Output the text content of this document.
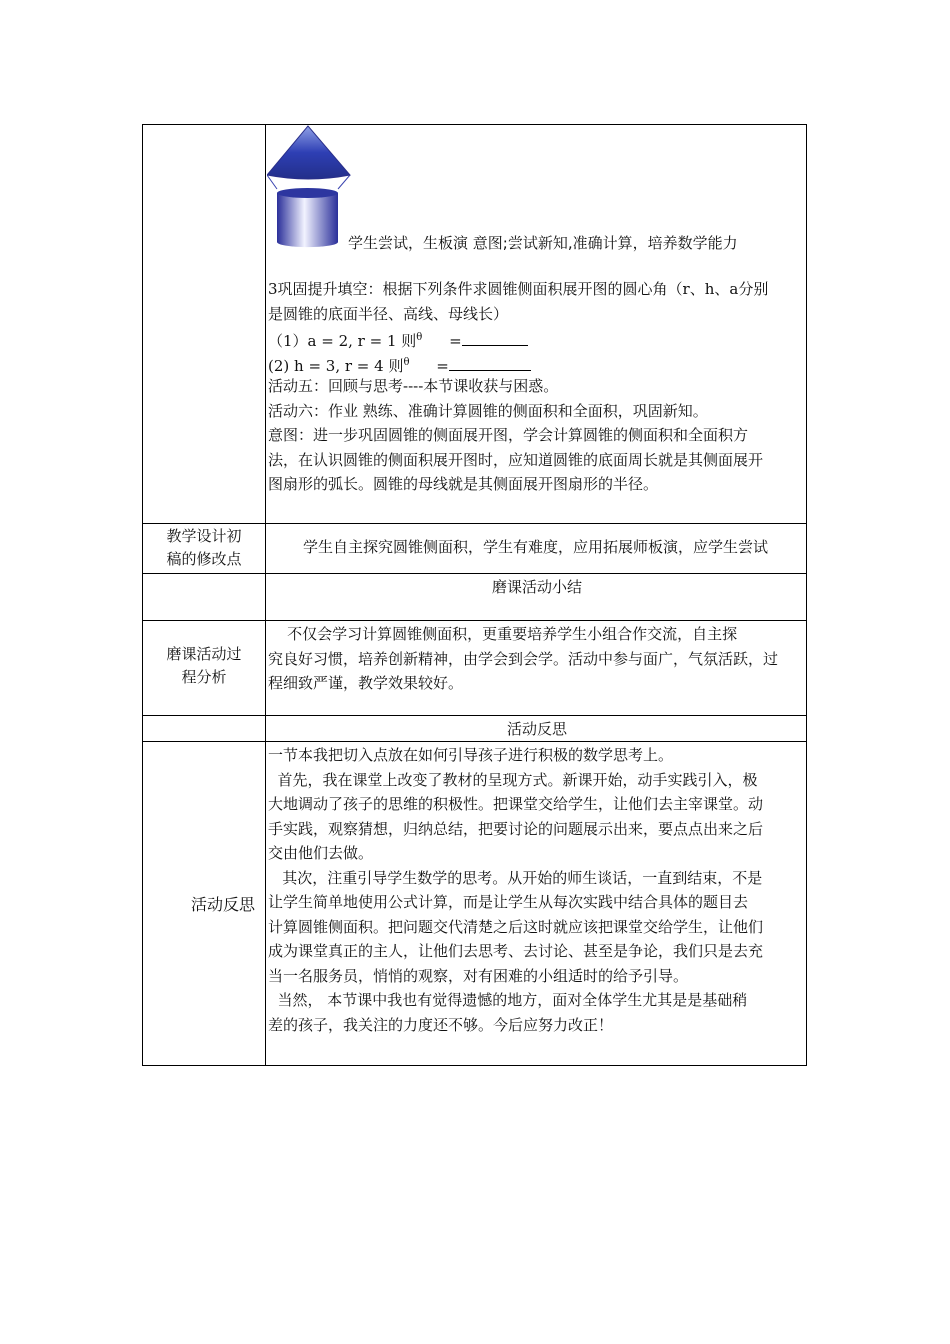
学生尝试，生板演 意图;尝试新知,准确计算，培养数学能力
3巩固提升填空：根据下列条件求圆锥侧面积展开图的圆心角（r、h、a分别
是圆锥的底面半径、高线、母线长）
（1）a = 2, r = 1 则$^\theta$ =
(2) h = 3, r = 4 则$^\theta$ =
活动五：回顾与思考----本节课收获与困惑。
活动六：作业 熟练、准确计算圆锥的侧面积和全面积，巩固新知。
意图：进一步巩固圆锥的侧面展开图，学会计算圆锥的侧面积和全面积方
法，在认识圆锥的侧面积展开图时，应知道圆锥的底面周长就是其侧面展开
图扇形的弧长。圆锥的母线就是其侧面展开图扇形的半径。
教学设计初
稿的修改点
学生自主探究圆锥侧面积，学生有难度，应用拓展师板演，应学生尝试
磨课活动小结
磨课活动过
程分析
不仅会学习计算圆锥侧面积，更重要培养学生小组合作交流，自主探
究良好习惯，培养创新精神，由学会到会学。活动中参与面广，气氛活跃，过
程细致严谨，教学效果较好。
活动反思
活动反思
一节本我把切入点放在如何引导孩子进行积极的数学思考上。
首先，我在课堂上改变了教材的呈现方式。新课开始，动手实践引入，极
大地调动了孩子的思维的积极性。把课堂交给学生，让他们去主宰课堂。动
手实践，观察猜想，归纳总结，把要讨论的问题展示出来，要点点出来之后
交由他们去做。
其次，注重引导学生数学的思考。从开始的师生谈话，一直到结束，不是
让学生简单地使用公式计算，而是让学生从每次实践中结合具体的题目去
计算圆锥侧面积。把问题交代清楚之后这时就应该把课堂交给学生，让他们
成为课堂真正的主人，让他们去思考、去讨论、甚至是争论，我们只是去充
当一名服务员，悄悄的观察，对有困难的小组适时的给予引导。
当然， 本节课中我也有觉得遗憾的地方，面对全体学生尤其是是基础稍
差的孩子，我关注的力度还不够。今后应努力改正！
